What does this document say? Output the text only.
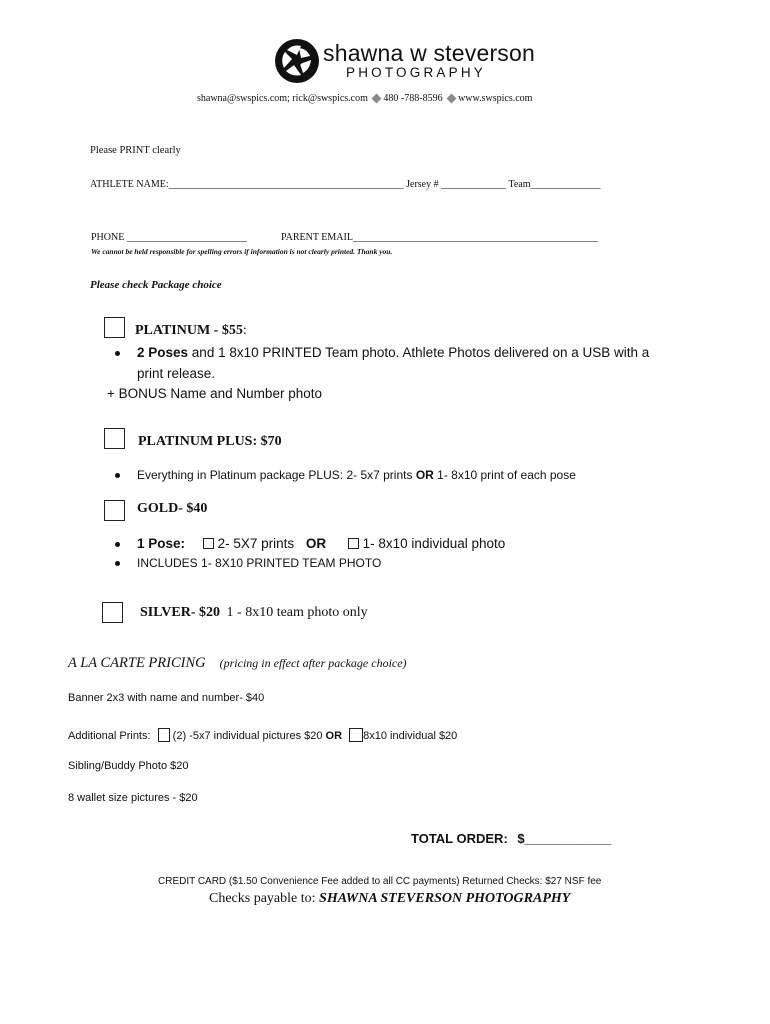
shawna w steverson
PHOTOGRAPHY
shawna@swspics.com; rick@swspics.com 480 -788-8596 www.swspics.com
Please PRINT clearly
ATHLETE NAME:_______________________________________________ Jersey # _____________ Team______________
PHONE ________________________	PARENT EMAIL_________________________________________________
We cannot be held responsible for spelling errors if information is not clearly printed. Thank you.
Please check Package choice
PLATINUM - $55:
2 Poses and 1 8x10 PRINTED Team photo. Athlete Photos delivered on a USB with a
print release.
+ BONUS Name and Number photo
PLATINUM PLUS: $70
Everything in Platinum package PLUS: 2- 5x7 prints OR 1- 8x10 print of each pose
GOLD- $40
1 Pose: 2- 5X7 prints OR	1- 8x10 individual photo
INCLUDES 1- 8X10 PRINTED TEAM PHOTO
SILVER- $20 1 - 8x10 team photo only
A LA CARTE PRICING (pricing in effect after package choice)
Banner 2x3 with name and number- $40
Additional Prints: (2) -5x7 individual pictures $20 OR 8x10 individual $20
Sibling/Buddy Photo $20
8 wallet size pictures - $20
TOTAL ORDER: $____________
CREDIT CARD ($1.50 Convenience Fee added to all CC payments) Returned Checks: $27 NSF fee
Checks payable to: SHAWNA STEVERSON PHOTOGRAPHY
